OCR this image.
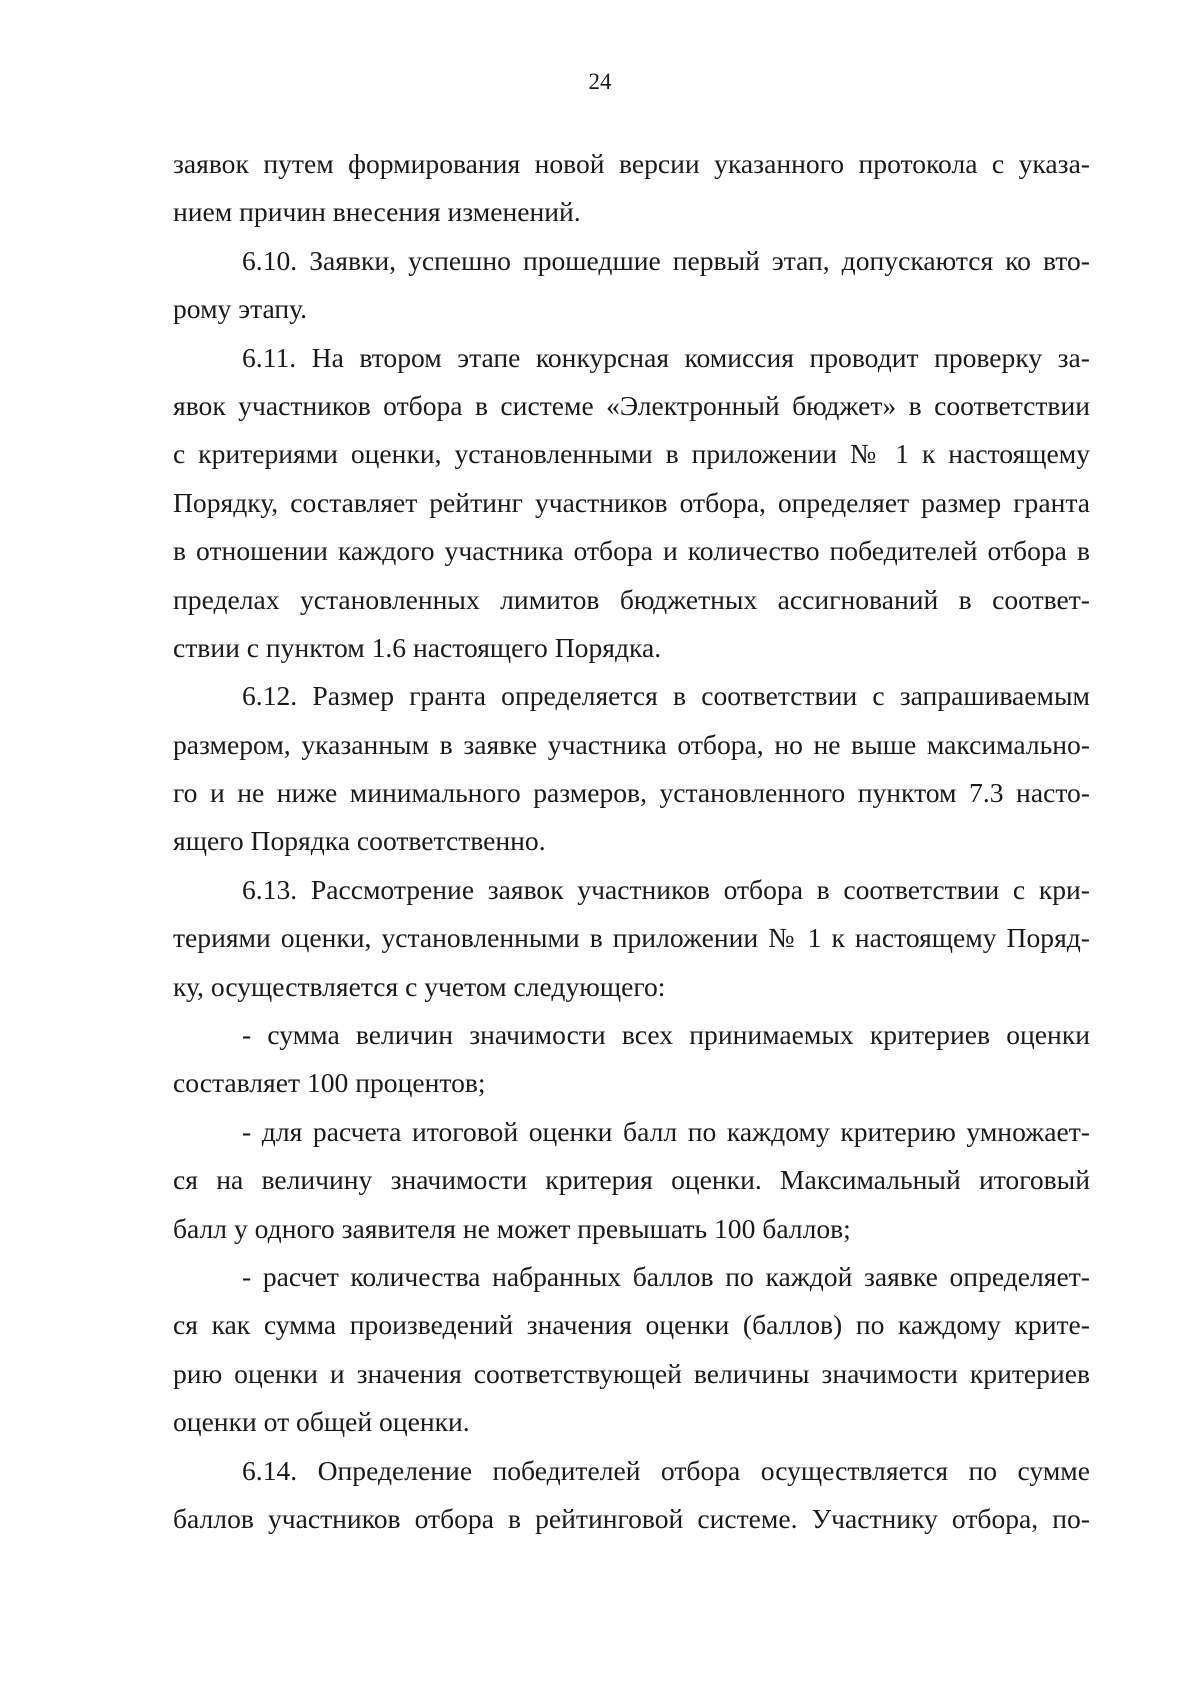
24
заявок путем формирования новой версии указанного протокола с указа-
нием причин внесения изменений.
6.10. Заявки, успешно прошедшие первый этап, допускаются ко вто-
рому этапу.
6.11. На втором этапе конкурсная комиссия проводит проверку за-
явок участников отбора в системе «Электронный бюджет» в соответствии
с критериями оценки, установленными в приложении № 1 к настоящему
Порядку, составляет рейтинг участников отбора, определяет размер гранта
в отношении каждого участника отбора и количество победителей отбора в
пределах установленных лимитов бюджетных ассигнований в соответ-
ствии с пунктом 1.6 настоящего Порядка.
6.12. Размер гранта определяется в соответствии с запрашиваемым
размером, указанным в заявке участника отбора, но не выше максимально-
го и не ниже минимального размеров, установленного пунктом 7.3 насто-
ящего Порядка соответственно.
6.13. Рассмотрение заявок участников отбора в соответствии с кри-
териями оценки, установленными в приложении № 1 к настоящему Поряд-
ку, осуществляется с учетом следующего:
- сумма величин значимости всех принимаемых критериев оценки
составляет 100 процентов;
- для расчета итоговой оценки балл по каждому критерию умножает-
ся на величину значимости критерия оценки. Максимальный итоговый
балл у одного заявителя не может превышать 100 баллов;
- расчет количества набранных баллов по каждой заявке определяет-
ся как сумма произведений значения оценки (баллов) по каждому крите-
рию оценки и значения соответствующей величины значимости критериев
оценки от общей оценки.
6.14. Определение победителей отбора осуществляется по сумме
баллов участников отбора в рейтинговой системе. Участнику отбора, по-
